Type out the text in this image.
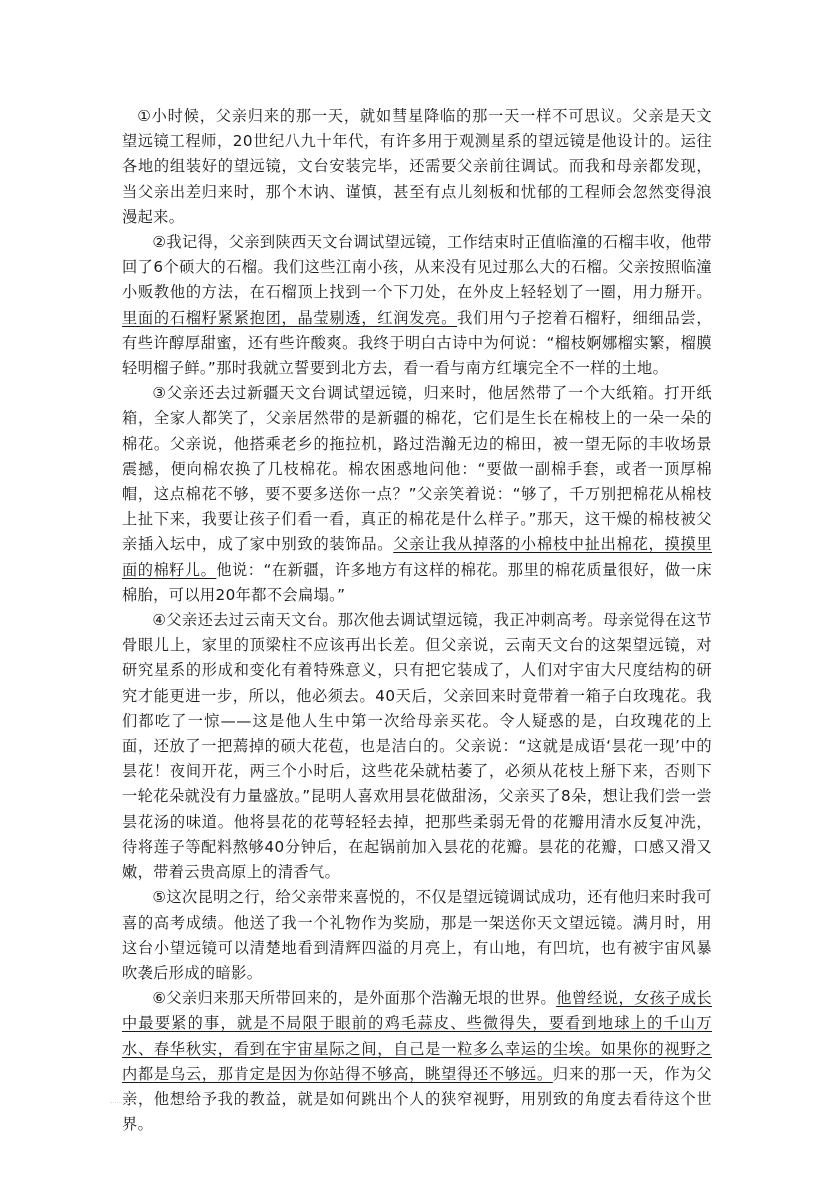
①小时候，父亲归来的那一天，就如彗星降临的那一天一样不可思议。父亲是天文望远镜工程师，20世纪八九十年代，有许多用于观测星系的望远镜是他设计的。运往各地的组装好的望远镜，文台安装完毕，还需要父亲前往调试。而我和母亲都发现，当父亲出差归来时，那个木讷、谨慎，甚至有点儿刻板和忧郁的工程师会忽然变得浪漫起来。

②我记得，父亲到陕西天文台调试望远镜，工作结束时正值临潼的石榴丰收，他带回了6个硕大的石榴。我们这些江南小孩，从来没有见过那么大的石榴。父亲按照临潼小贩教他的方法，在石榴顶上找到一个下刀处，在外皮上轻轻划了一圈，用力掰开。里面的石榴籽紧紧抱团，晶莹剔透，红润发亮。我们用勺子挖着石榴籽，细细品尝，有些许醇厚甜蜜，还有些许酸爽。我终于明白古诗中为何说：“榴枝婀娜榴实繁，榴膜轻明榴子鲜。”那时我就立誓要到北方去，看一看与南方红壤完全不一样的土地。

③父亲还去过新疆天文台调试望远镜，归来时，他居然带了一个大纸箱。打开纸箱，全家人都笑了，父亲居然带的是新疆的棉花，它们是生长在棉枝上的一朵一朵的棉花。父亲说，他搭乘老乡的拖拉机，路过浩瀚无边的棉田，被一望无际的丰收场景震撼，便向棉农换了几枝棉花。棉农困惑地问他：“要做一副棉手套，或者一顶厚棉帽，这点棉花不够，要不要多送你一点？”父亲笑着说：“够了，千万别把棉花从棉枝上扯下来，我要让孩子们看一看，真正的棉花是什么样子。”那天，这干燥的棉枝被父亲插入坛中，成了家中别致的装饰品。父亲让我从掉落的小棉枝中扯出棉花，摸摸里面的棉籽儿。他说：“在新疆，许多地方有这样的棉花。那里的棉花质量很好，做一床棉胎，可以用20年都不会扁塌。”

④父亲还去过云南天文台。那次他去调试望远镜，我正冲刺高考。母亲觉得在这节骨眼儿上，家里的顶梁柱不应该再出长差。但父亲说，云南天文台的这架望远镜，对研究星系的形成和变化有着特殊意义，只有把它装成了，人们对宇宙大尺度结构的研究才能更进一步，所以，他必须去。40天后，父亲回来时竟带着一箱子白玫瑰花。我们都吃了一惊——这是他人生中第一次给母亲买花。令人疑惑的是，白玫瑰花的上面，还放了一把蔫掉的硕大花苞，也是洁白的。父亲说：“这就是成语‘昙花一现’中的昙花！夜间开花，两三个小时后，这些花朵就枯萎了，必须从花枝上掰下来，否则下一轮花朵就没有力量盛放。”昆明人喜欢用昙花做甜汤，父亲买了8朵，想让我们尝一尝昙花汤的味道。他将昙花的花萼轻轻去掉，把那些柔弱无骨的花瓣用清水反复冲洗，待将莲子等配料熬够40分钟后，在起锅前加入昙花的花瓣。昙花的花瓣，口感又滑又嫩，带着云贵高原上的清香气。

⑤这次昆明之行，给父亲带来喜悦的，不仅是望远镜调试成功，还有他归来时我可喜的高考成绩。他送了我一个礼物作为奖励，那是一架送你天文望远镜。满月时，用这台小望远镜可以清楚地看到清辉四溢的月亮上，有山地，有凹坑，也有被宇宙风暴吹袭后形成的暗影。

⑥父亲归来那天所带回来的，是外面那个浩瀚无垠的世界。他曾经说，女孩子成长中最要紧的事，就是不局限于眼前的鸡毛蒜皮、些微得失，要看到地球上的千山万水、春华秋实，看到在宇宙星际之间，自己是一粒多么幸运的尘埃。如果你的视野之内都是乌云，那肯定是因为你站得不够高，眺望得还不够远。归来的那一天，作为父亲，他想给予我的教益，就是如何跳出个人的狭窄视野，用别致的角度去看待这个世界。
